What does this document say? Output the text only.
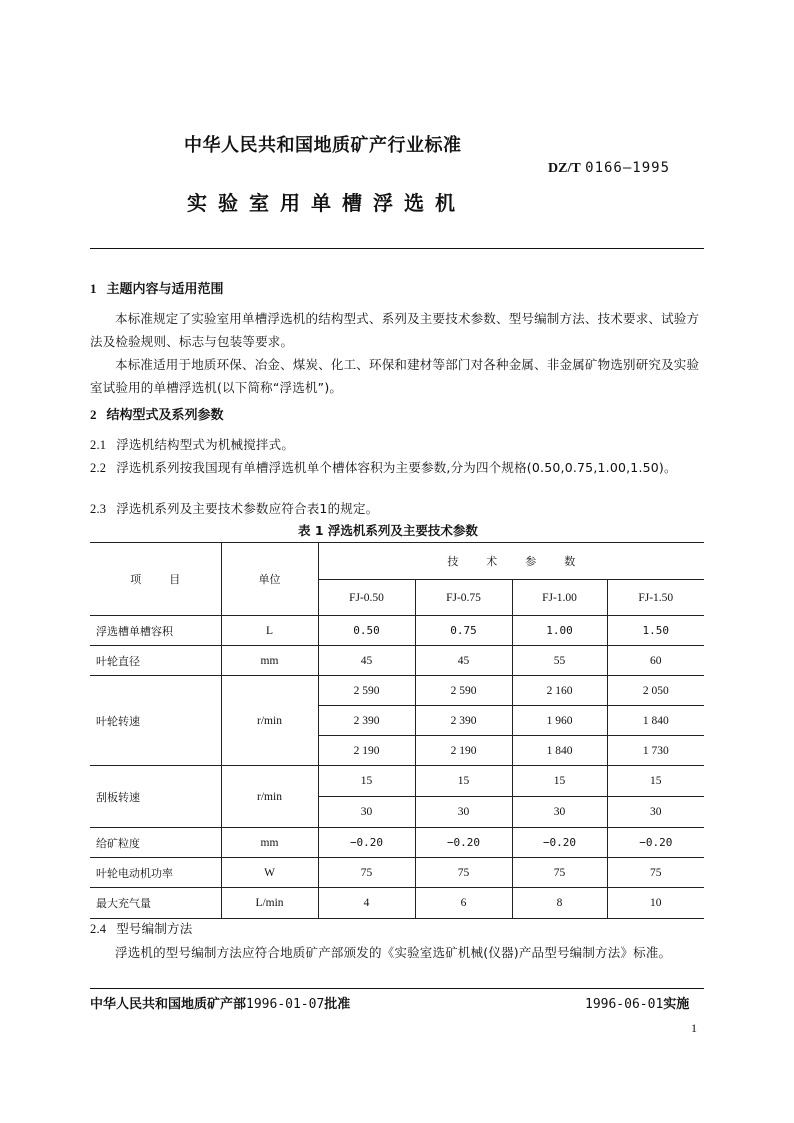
中华人民共和国地质矿产行业标准
DZ/T 0166—1995
实验室用单槽浮选机
1 主题内容与适用范围
本标准规定了实验室用单槽浮选机的结构型式、系列及主要技术参数、型号编制方法、技术要求、试验方法及检验规则、标志与包装等要求。
本标准适用于地质环保、冶金、煤炭、化工、环保和建材等部门对各种金属、非金属矿物选别研究及实验室试验用的单槽浮选机(以下简称“浮选机”)。
2 结构型式及系列参数
2.1 浮选机结构型式为机械搅拌式。
2.2 浮选机系列按我国现有单槽浮选机单个槽体容积为主要参数,分为四个规格(0.50,0.75,1.00,1.50)。
2.3 浮选机系列及主要技术参数应符合表1的规定。
表 1 浮选机系列及主要技术参数
项        目	单位	技        术        参        数			
		FJ-0.50	FJ-0.75	FJ-1.00	FJ-1.50
浮选槽单槽容积	L	0.50	0.75	1.00	1.50
叶轮直径	mm	45	45	55	60
叶轮转速	r/min	2 590	2 590	2 160	2 050
		2 390	2 390	1 960	1 840
		2 190	2 190	1 840	1 730
刮板转速	r/min	15	15	15	15
		30	30	30	30
给矿粒度	mm	−0.20	−0.20	−0.20	−0.20
叶轮电动机功率	W	75	75	75	75
最大充气量	L/min	4	6	8	10
2.4 型号编制方法
浮选机的型号编制方法应符合地质矿产部颁发的《实验室选矿机械(仪器)产品型号编制方法》标准。
中华人民共和国地质矿产部1996-01-07批准	1996-06-01实施
1
